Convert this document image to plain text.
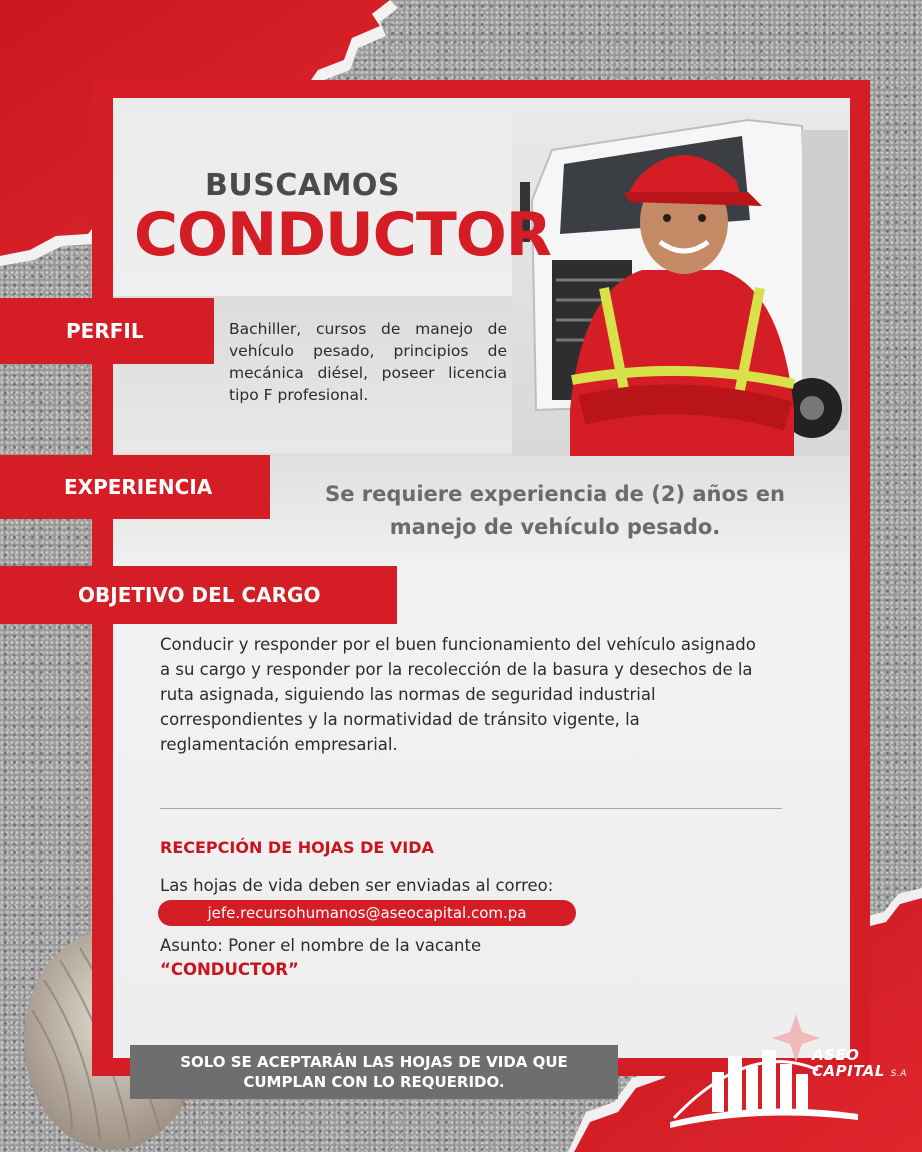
BUSCAMOS
CONDUCTOR
PERFIL	Bachiller, cursos de manejo de vehículo pesado, principios de mecánica diésel, poseer licencia tipo F profesional.
EXPERIENCIA	Se requiere experiencia de (2) años en manejo de vehículo pesado.
OBJETIVO DEL CARGO
Conducir y responder por el buen funcionamiento del vehículo asignado a su cargo y responder por la recolección de la basura y desechos de la ruta asignada, siguiendo las normas de seguridad industrial correspondientes y la normatividad de tránsito vigente, la reglamentación empresarial.
RECEPCIÓN DE HOJAS DE VIDA
Las hojas de vida deben ser enviadas al correo:
jefe.recursohumanos@aseocapital.com.pa
Asunto: Poner el nombre de la vacante
“CONDUCTOR”
SOLO SE ACEPTARÁN LAS HOJAS DE VIDA QUE
CUMPLAN CON LO REQUERIDO.
ASEO
CAPITAL S.A
